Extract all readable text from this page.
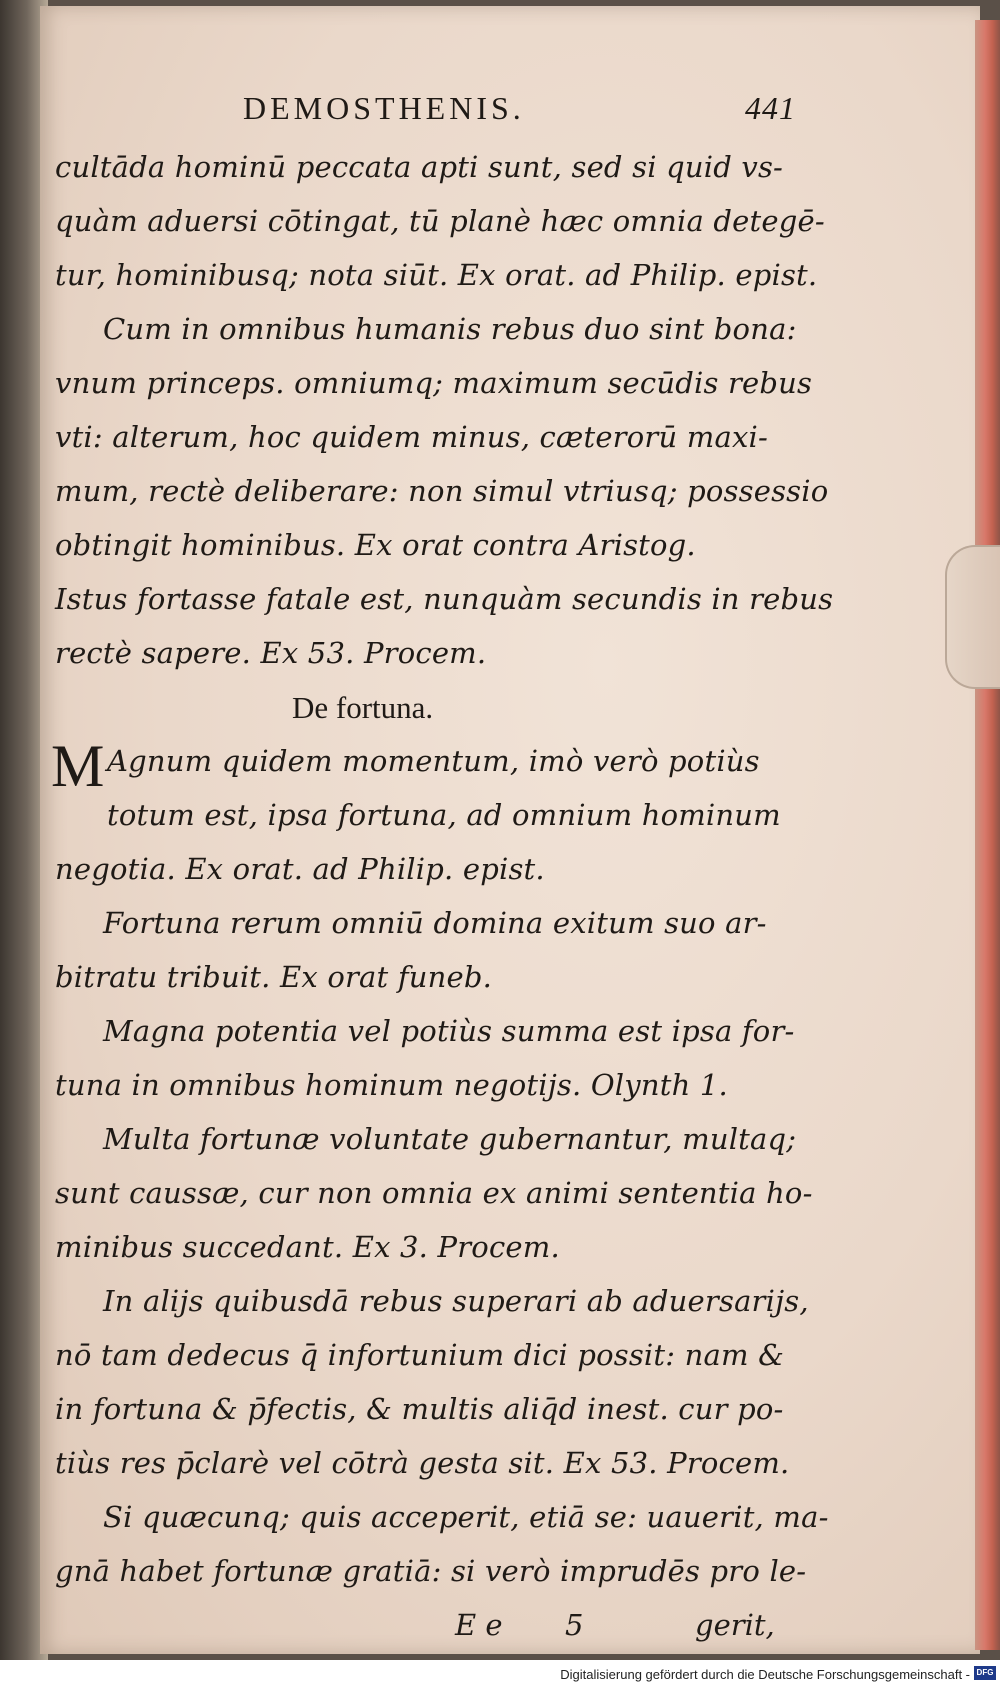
DEMOSTHENIS.	441
cultāda hominū peccata apti sunt, sed si quid vs-
quàm aduersi cōtingat, tū planè hæc omnia detegē-
tur, hominibusq; nota siūt. Ex orat. ad Philip. epist.
Cum in omnibus humanis rebus duo sint bona:
vnum princeps. omniumq; maximum secūdis rebus
vti: alterum, hoc quidem minus, cæterorū maxi-
mum, rectè deliberare: non simul vtriusq; possessio
obtingit hominibus. Ex orat contra Aristog.
Istus fortasse fatale est, nunquàm secundis in rebus
rectè sapere. Ex 53. Procem.
De fortuna.
M Agnum quidem momentum, imò verò potiùs
totum est, ipsa fortuna, ad omnium hominum
negotia. Ex orat. ad Philip. epist.
Fortuna rerum omniū domina exitum suo ar-
bitratu tribuit. Ex orat funeb.
Magna potentia vel potiùs summa est ipsa for-
tuna in omnibus hominum negotijs. Olynth 1.
Multa fortunæ voluntate gubernantur, multaq;
sunt caussæ, cur non omnia ex animi sententia ho-
minibus succedant. Ex 3. Procem.
In alijs quibusdā rebus superari ab aduersarijs,
nō tam dedecus q̄ infortunium dici possit: nam &
in fortuna & p̄fectis, & multis aliq̄d inest. cur po-
tiùs res p̄clarè vel cōtrà gesta sit. Ex 53. Procem.
Si quæcunq; quis acceperit, etiā se: uauerit, ma-
gnā habet fortunæ gratiā: si verò imprudēs pro le-
E e 5	gerit,
Digitalisierung gefördert durch die Deutsche Forschungsgemeinschaft - DFG
